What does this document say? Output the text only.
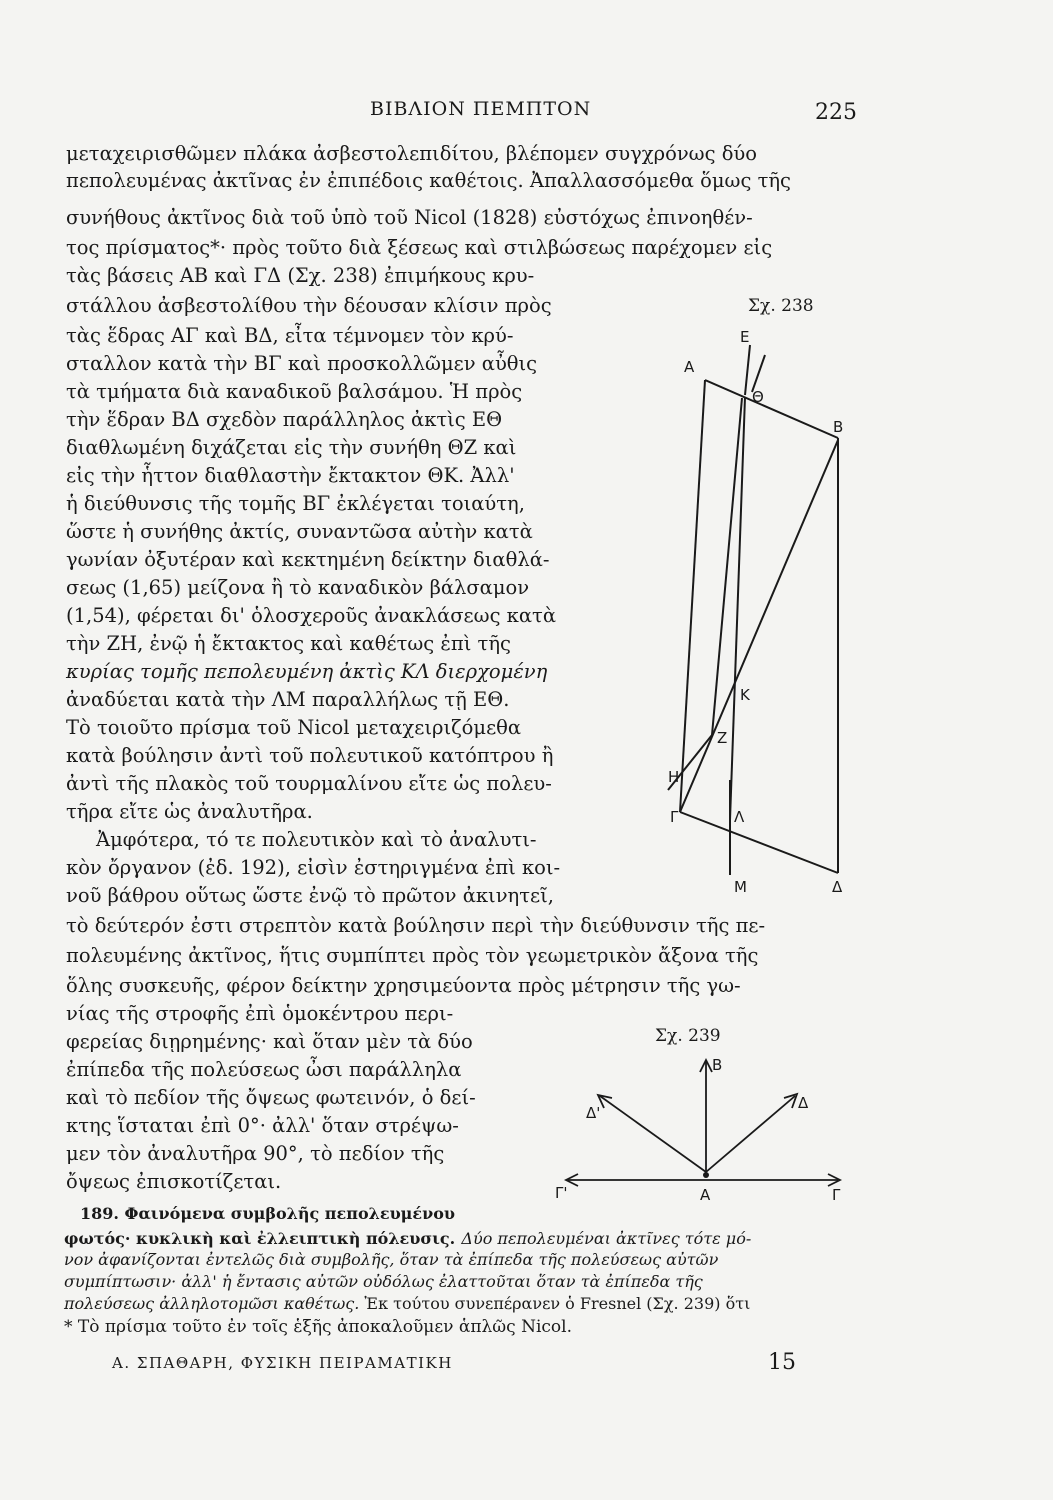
ΒΙΒΛΙΟΝ ΠΕΜΠΤΟΝ	225
μεταχειρισθῶμεν πλάκα ἀσβεστολεπιδίτου, βλέπομεν συγχρόνως δύο
πεπολευμένας ἀκτῖνας ἐν ἐπιπέδοις καθέτοις. Ἀπαλλασσόμεθα ὅμως τῆς
συνήθους ἀκτῖνος διὰ τοῦ ὑπὸ τοῦ Nicol (1828) εὐστόχως ἐπινοηθέν-
τος πρίσματος*· πρὸς τοῦτο διὰ ξέσεως καὶ στιλβώσεως παρέχομεν εἰς
τὰς βάσεις ΑΒ καὶ ΓΔ (Σχ. 238) ἐπιμήκους κρυ-
στάλλου ἀσβεστολίθου τὴν δέουσαν κλίσιν πρὸς
τὰς ἕδρας ΑΓ καὶ ΒΔ, εἶτα τέμνομεν τὸν κρύ-
σταλλον κατὰ τὴν ΒΓ καὶ προσκολλῶμεν αὖθις
τὰ τμήματα διὰ καναδικοῦ βαλσάμου. Ἡ πρὸς
τὴν ἕδραν ΒΔ σχεδὸν παράλληλος ἀκτὶς ΕΘ
διαθλωμένη διχάζεται εἰς τὴν συνήθη ΘΖ καὶ
εἰς τὴν ἧττον διαθλαστὴν ἔκτακτον ΘΚ. Ἀλλ'
ἡ διεύθυνσις τῆς τομῆς ΒΓ ἐκλέγεται τοιαύτη,
ὥστε ἡ συνήθης ἀκτίς, συναντῶσα αὐτὴν κατὰ
γωνίαν ὀξυτέραν καὶ κεκτημένη δείκτην διαθλά-
σεως (1,65) μείζονα ἢ τὸ καναδικὸν βάλσαμον
(1,54), φέρεται δι' ὁλοσχεροῦς ἀνακλάσεως κατὰ
τὴν ΖΗ, ἐνῷ ἡ ἔκτακτος καὶ καθέτως ἐπὶ τῆς
κυρίας τομῆς πεπολευμένη ἀκτὶς ΚΛ διερχομένη
ἀναδύεται κατὰ τὴν ΛΜ παραλλήλως τῇ ΕΘ.
Τὸ τοιοῦτο πρίσμα τοῦ Nicol μεταχειριζόμεθα
κατὰ βούλησιν ἀντὶ τοῦ πολευτικοῦ κατόπτρου ἢ
ἀντὶ τῆς πλακὸς τοῦ τουρμαλίνου εἴτε ὡς πολευ-
τῆρα εἴτε ὡς ἀναλυτῆρα.
Ἀμφότερα, τό τε πολευτικὸν καὶ τὸ ἀναλυτι-
κὸν ὄργανον (ἐδ. 192), εἰσὶν ἐστηριγμένα ἐπὶ κοι-
νοῦ βάθρου οὕτως ὥστε ἐνῷ τὸ πρῶτον ἀκινητεῖ,
τὸ δεύτερόν ἐστι στρεπτὸν κατὰ βούλησιν περὶ τὴν διεύθυνσιν τῆς πε-
πολευμένης ἀκτῖνος, ἥτις συμπίπτει πρὸς τὸν γεωμετρικὸν ἄξονα τῆς
ὅλης συσκευῆς, φέρον δείκτην χρησιμεύοντα πρὸς μέτρησιν τῆς γω-
νίας τῆς στροφῆς ἐπὶ ὁμοκέντρου περι-
φερείας διῃρημένης· καὶ ὅταν μὲν τὰ δύο
ἐπίπεδα τῆς πολεύσεως ὦσι παράλληλα
καὶ τὸ πεδίον τῆς ὄψεως φωτεινόν, ὁ δεί-
κτης ἵσταται ἐπὶ 0°· ἀλλ' ὅταν στρέψω-
μεν τὸν ἀναλυτῆρα 90°, τὸ πεδίον τῆς
ὄψεως ἐπισκοτίζεται.
189. Φαινόμενα συμβολῆς πεπολευμένου
φωτός· κυκλικὴ καὶ ἐλλειπτικὴ πόλευσις. Δύο πεπολευμέναι ἀκτῖνες τότε μό-
νον ἀφανίζονται ἐντελῶς διὰ συμβολῆς, ὅταν τὰ ἐπίπεδα τῆς πολεύσεως αὐτῶν
συμπίπτωσιν· ἀλλ' ἡ ἔντασις αὐτῶν οὐδόλως ἐλαττοῦται ὅταν τὰ ἐπίπεδα τῆς
πολεύσεως ἀλληλοτομῶσι καθέτως. Ἐκ τούτου συνεπέρανεν ὁ Fresnel (Σχ. 239) ὅτι
* Τὸ πρίσμα τοῦτο ἐν τοῖς ἑξῆς ἀποκαλοῦμεν ἁπλῶς Nicol.
Α. ΣΠΑΘΑΡΗ, ΦΥΣΙΚΗ ΠΕΙΡΑΜΑΤΙΚΗ	15
Σχ. 238
Σχ. 239
E
A
Θ
B
K
Z
H
Γ	Λ
M	Δ
B
Δ'
Δ
Γ'	A	Γ
